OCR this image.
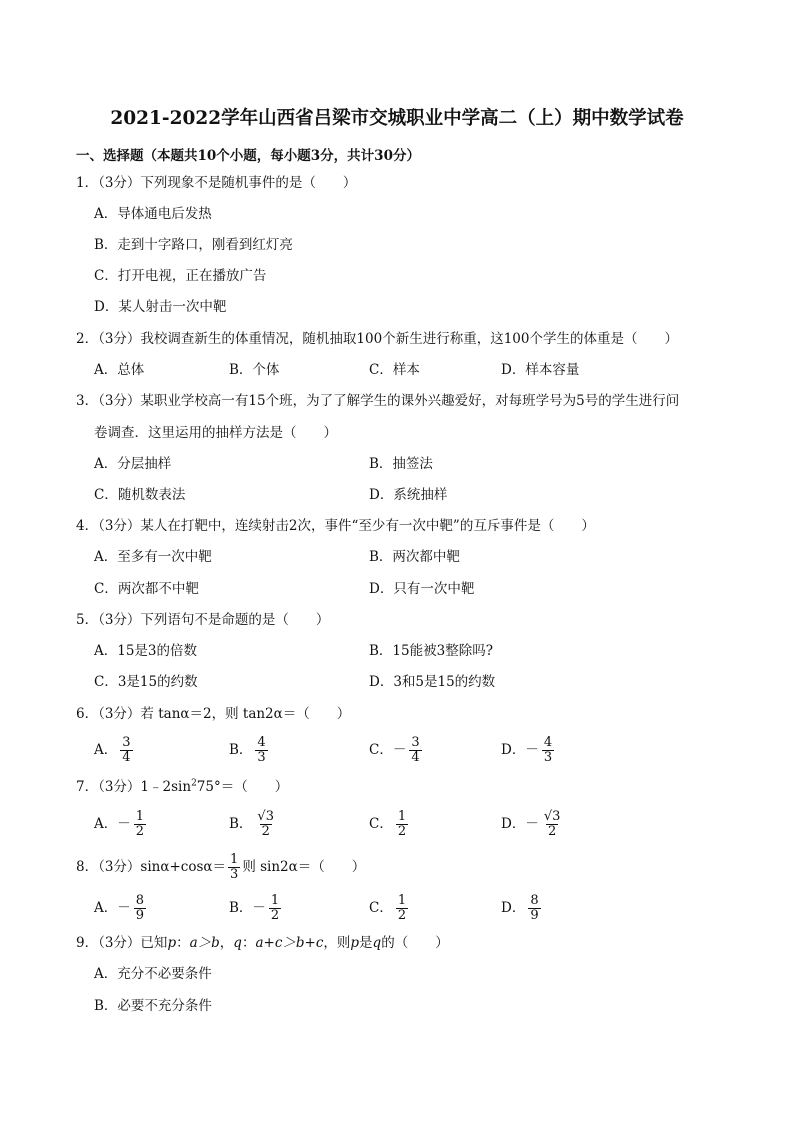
2021-2022学年山西省吕梁市交城职业中学高二（上）期中数学试卷
一、选择题（本题共10个小题，每小题3分，共计30分）
1．（3分）下列现象不是随机事件的是（　　）
A．导体通电后发热
B．走到十字路口，刚看到红灯亮
C．打开电视，正在播放广告
D．某人射击一次中靶
2．（3分）我校调查新生的体重情况，随机抽取100个新生进行称重，这100个学生的体重是（　　）
A．总体	B．个体	C．样本	D．样本容量
3．（3分）某职业学校高一有15个班，为了了解学生的课外兴趣爱好，对每班学号为5号的学生进行问
卷调查．这里运用的抽样方法是（　　）
A．分层抽样	B．抽签法
C．随机数表法	D．系统抽样
4．（3分）某人在打靶中，连续射击2次，事件“至少有一次中靶”的互斥事件是（　　）
A．至多有一次中靶	B．两次都中靶
C．两次都不中靶	D．只有一次中靶
5．（3分）下列语句不是命题的是（　　）
A．15是3的倍数	B．15能被3整除吗?
C．3是15的约数	D．3和5是15的约数
6．（3分）若 tanα＝2，则 tan2α＝（　　）
A． $\frac{3}{4}$	B． $\frac{4}{3}$	C．－ $\frac{3}{4}$	D．－ $\frac{4}{3}$
7．（3分）$1﹣2\sin^275^\circ=$（　　）
A．－ $\frac{1}{2}$	B． $\frac{√3}{2}$	C． $\frac{1}{2}$	D．－ $\frac{√3}{2}$
8．（3分）$\sin\alpha+\cos\alpha= \frac{1}{3}$ 则 sin2α＝（　　）
A．－ $\frac{8}{9}$	B．－ $\frac{1}{2}$	C． $\frac{1}{2}$	D． $\frac{8}{9}$
9．（3分）已知p：a＞b，q：a+c＞b+c，则p是q的（　　）
A．充分不必要条件
B．必要不充分条件
